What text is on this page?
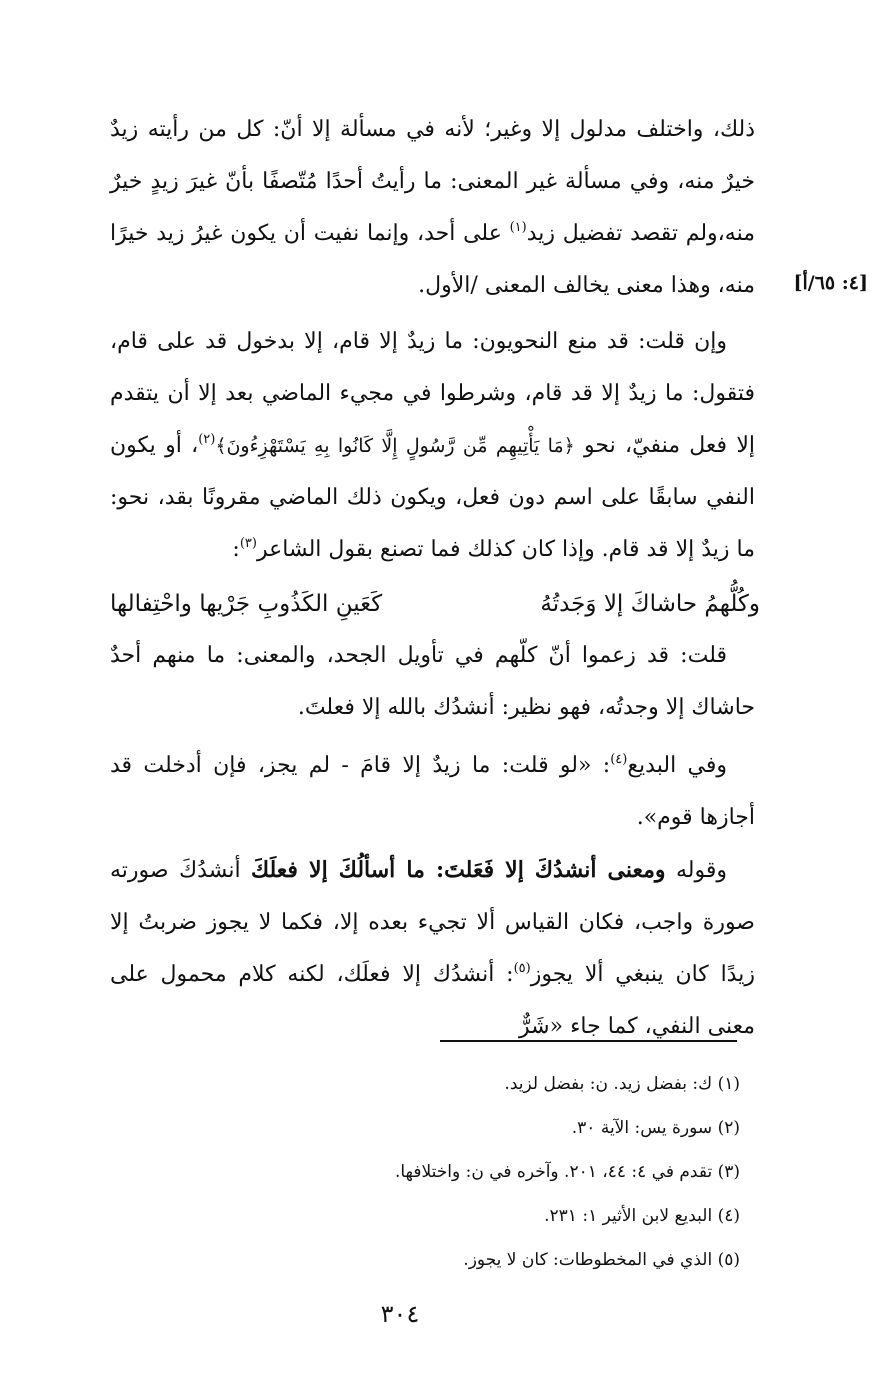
[٤: ٦٥/أ]

ذلك، واختلف مدلول إلا وغير؛ لأنه في مسألة إلا أنّ: كل من رأيته زيدٌ خيرٌ منه، وفي مسألة غير المعنى: ما رأيتُ أحدًا مُتّصفًا بأنّ غيرَ زيدٍ خيرٌ منه،ولم تقصد تفضيل زيد$^{(١)}$ على أحد، وإنما نفيت أن يكون غيرُ زيد خيرًا منه، وهذا معنى يخالف المعنى /الأول.

وإن قلت: قد منع النحويون: ما زيدٌ إلا قام، إلا بدخول قد على قام، فتقول: ما زيدٌ إلا قد قام، وشرطوا في مجيء الماضي بعد إلا أن يتقدم إلا فعل منفيّ، نحو ﴿مَا يَأْتِيهِم مِّن رَّسُولٍ إِلَّا كَانُوا بِهِ يَسْتَهْزِءُونَ﴾$^{(٢)}$، أو يكون النفي سابقًا على اسم دون فعل، ويكون ذلك الماضي مقرونًا بقد، نحو: ما زيدٌ إلا قد قام. وإذا كان كذلك فما تصنع بقول الشاعر$^{(٣)}$:

وكُلُّهمُ حاشاكَ إلا وَجَدتُهُ
كَعَينِ الكَذُوبِ جَرْيها واحْتِفالها

قلت: قد زعموا أنّ كلّهم في تأويل الجحد، والمعنى: ما منهم أحدٌ حاشاك إلا وجدتُه، فهو نظير: أنشدُك بالله إلا فعلتَ.

وفي البديع$^{(٤)}$: «لو قلت: ما زيدٌ إلا قامَ - لم يجز، فإن أدخلت قد أجازها قوم».

وقوله ومعنى أنشدُكَ إلا فَعَلتَ: ما أسألُكَ إلا فعلَكَ أنشدُكَ صورته صورة واجب، فكان القياس ألا تجيء بعده إلا، فكما لا يجوز ضربتُ إلا زيدًا كان ينبغي ألا يجوز$^{(٥)}$: أنشدُك إلا فعلَك، لكنه كلام محمول على معنى النفي، كما جاء «شَرٌّ

(١) ك: بفضل زيد. ن: بفضل لزيد.
(٢) سورة يس: الآية ٣٠.
(٣) تقدم في ٤: ٤٤، ٢٠١. وآخره في ن: واختلافها.
(٤) البديع لابن الأثير ١: ٢٣١.
(٥) الذي في المخطوطات: كان لا يجوز.
٣٠٤
